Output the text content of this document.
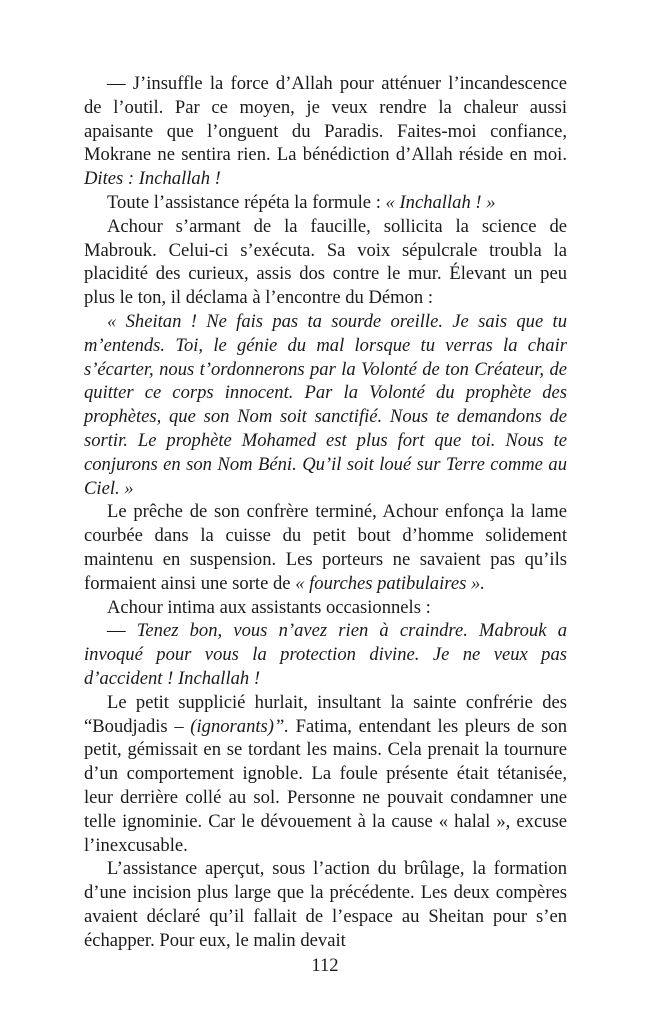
— J’insuffle la force d’Allah pour atténuer l’incandescence de l’outil. Par ce moyen, je veux rendre la chaleur aussi apaisante que l’onguent du Paradis. Faites-moi confiance, Mokrane ne sentira rien. La bénédiction d’Allah réside en moi. Dites : Inchallah !

Toute l’assistance répéta la formule : « Inchallah ! »

Achour s’armant de la faucille, sollicita la science de Mabrouk. Celui-ci s’exécuta. Sa voix sépulcrale troubla la placidité des curieux, assis dos contre le mur. Élevant un peu plus le ton, il déclama à l’encontre du Démon :

« Sheitan ! Ne fais pas ta sourde oreille. Je sais que tu m’entends. Toi, le génie du mal lorsque tu verras la chair s’écarter, nous t’ordonnerons par la Volonté de ton Créateur, de quitter ce corps innocent. Par la Volonté du prophète des prophètes, que son Nom soit sanctifié. Nous te demandons de sortir. Le prophète Mohamed est plus fort que toi. Nous te conjurons en son Nom Béni. Qu’il soit loué sur Terre comme au Ciel. »

Le prêche de son confrère terminé, Achour enfonça la lame courbée dans la cuisse du petit bout d’homme solidement maintenu en suspension. Les porteurs ne savaient pas qu’ils formaient ainsi une sorte de « fourches patibulaires ».

Achour intima aux assistants occasionnels :

— Tenez bon, vous n’avez rien à craindre. Mabrouk a invoqué pour vous la protection divine. Je ne veux pas d’accident ! Inchallah !

Le petit supplicié hurlait, insultant la sainte confrérie des “Boudjadis – (ignorants)”. Fatima, entendant les pleurs de son petit, gémissait en se tordant les mains. Cela prenait la tournure d’un comportement ignoble. La foule présente était tétanisée, leur derrière collé au sol. Personne ne pouvait condamner une telle ignominie. Car le dévouement à la cause « halal », excuse l’inexcusable.

L’assistance aperçut, sous l’action du brûlage, la formation d’une incision plus large que la précédente. Les deux compères avaient déclaré qu’il fallait de l’espace au Sheitan pour s’en échapper. Pour eux, le malin devait

112
